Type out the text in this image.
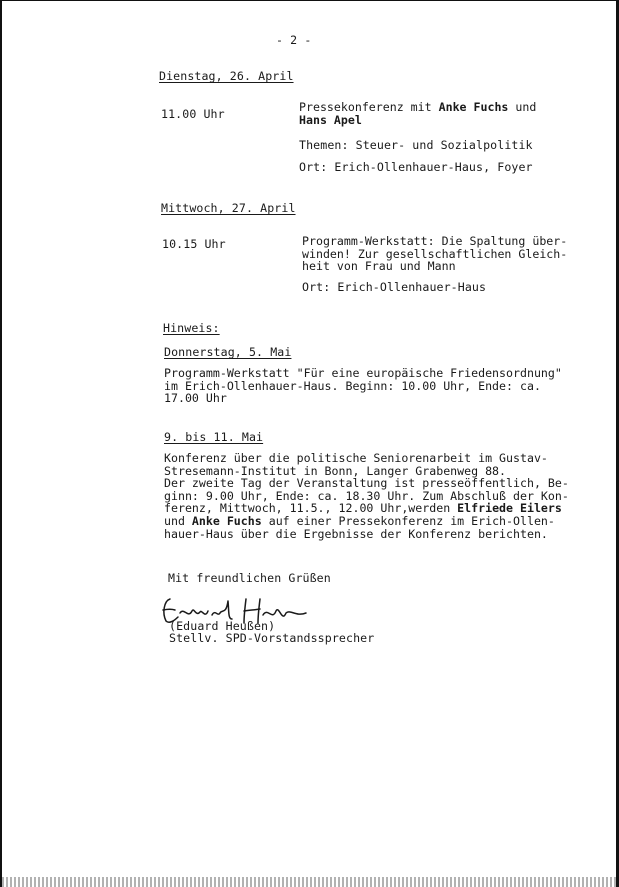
- 2 -
Dienstag, 26. April
11.00 Uhr	Pressekonferenz mit Anke Fuchs und
Hans Apel
Themen: Steuer- und Sozialpolitik
Ort: Erich-Ollenhauer-Haus, Foyer
Mittwoch, 27. April
10.15 Uhr	Programm-Werkstatt: Die Spaltung über-
winden! Zur gesellschaftlichen Gleich-
heit von Frau und Mann
Ort: Erich-Ollenhauer-Haus
Hinweis:
Donnerstag, 5. Mai
Programm-Werkstatt "Für eine europäische Friedensordnung"
im Erich-Ollenhauer-Haus. Beginn: 10.00 Uhr, Ende: ca.
17.00 Uhr
9. bis 11. Mai
Konferenz über die politische Seniorenarbeit im Gustav-
Stresemann-Institut in Bonn, Langer Grabenweg 88.
Der zweite Tag der Veranstaltung ist presseöffentlich, Be-
ginn: 9.00 Uhr, Ende: ca. 18.30 Uhr. Zum Abschluß der Kon-
ferenz, Mittwoch, 11.5., 12.00 Uhr,werden Elfriede Eilers
und Anke Fuchs auf einer Pressekonferenz im Erich-Ollen-
hauer-Haus über die Ergebnisse der Konferenz berichten.
Mit freundlichen Grüßen
(Eduard Heußen)
Stellv. SPD-Vorstandssprecher
